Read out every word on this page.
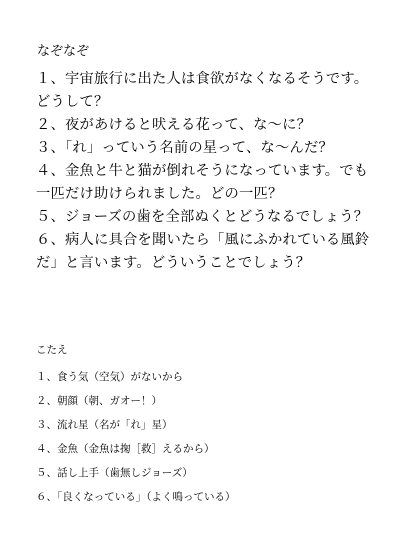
なぞなぞ
１、宇宙旅行に出た人は食欲がなくなるそうです。どうして？
２、夜があけると吠える花って、な～に？
３、「れ」っていう名前の星って、な～んだ？
４、金魚と牛と猫が倒れそうになっています。でも一匹だけ助けられました。どの一匹？
５、ジョーズの歯を全部ぬくとどうなるでしょう？
６、病人に具合を聞いたら「風にふかれている風鈴だ」と言います。どういうことでしょう？
こたえ
１、食う気（空気）がないから
２、朝顔（朝、ガオー！）
３、流れ星（名が「れ」星）
４、金魚（金魚は掬［救］えるから）
５、話し上手（歯無しジョーズ）
６、「良くなっている」（よく鳴っている）
